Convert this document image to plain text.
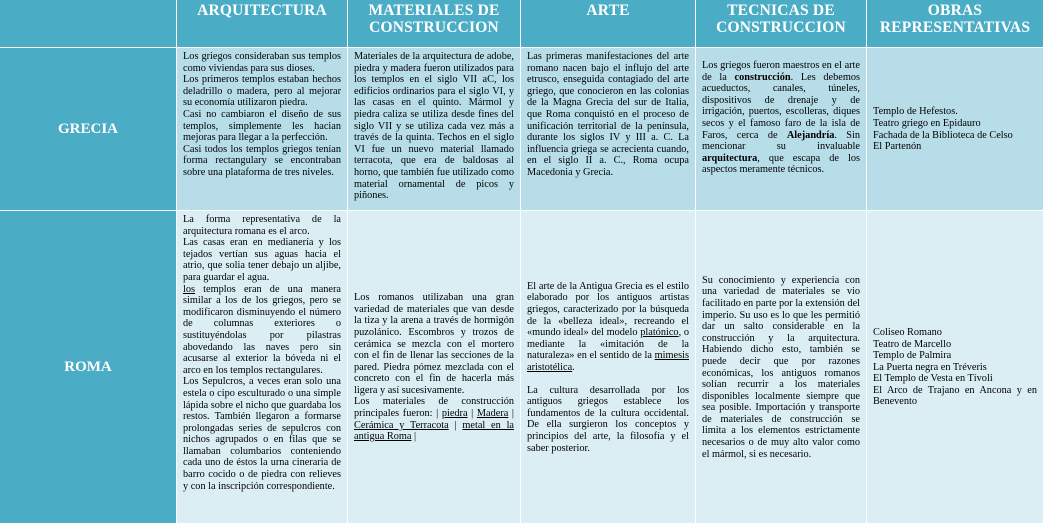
ARQUITECTURA	MATERIALES DE
CONSTRUCCION
ARTE	TECNICAS DE
CONSTRUCCION
OBRAS
REPRESENTATIVAS
GRECIA

Los griegos consideraban sus templos como viviendas para sus dioses.

Los primeros templos estaban hechos deladrillo o madera, pero al mejorar su economía utilizaron piedra.

Casi no cambiaron el diseño de sus templos, simplemente les hacian mejoras para llegar a la perfección.

Casi todos los templos griegos tenían forma rectangulary se encontraban sobre una plataforma de tres niveles.

Materiales de la arquitectura de adobe, piedra y madera fueron utilizados para los templos en el siglo VII aC, los edificios ordinarios para el siglo VI, y las casas en el quinto. Mármol y piedra caliza se utiliza desde fines del siglo VII y se utiliza cada vez más a través de la quinta. Techos en el siglo VI fue un nuevo material llamado terracota, que era de baldosas al horno, que también fue utilizado como material ornamental de picos y piñones.

Las primeras manifestaciones del arte romano nacen bajo el influjo del arte etrusco, enseguida contagiado del arte griego, que conocieron en las colonias de la Magna Grecia del sur de Italia, que Roma conquistó en el proceso de unificación territorial de la península, durante los siglos IV y III a. C. La influencia griega se acrecienta cuando, en el siglo II a. C., Roma ocupa Macedonia y Grecia.

Los griegos fueron maestros en el arte de la construcción. Les debemos acueductos, canales, túneles, dispositivos de drenaje y de irrigación, puertos, escolleras, diques secos y el famoso faro de la isla de Faros, cerca de Alejandría. Sin mencionar su invaluable arquitectura, que escapa de los aspectos meramente técnicos.

Templo de Hefestos.

Teatro griego en Epidauro

Fachada de la Biblioteca de Celso

El Partenón

ROMA

La forma representativa de la arquitectura romana es el arco.

Las casas eran en medianería y los tejados vertían sus aguas hacia el atrio, que solia tener debajo un aljibe, para guardar el agua.

los templos eran de una manera similar a los de los griegos, pero se modificaron disminuyendo el número de columnas exteriores o sustituyéndolas por pilastras abovedando las naves pero sin acusarse al exterior la bóveda ni el arco en los templos rectangulares.

Los Sepulcros, a veces eran solo una estela o cipo esculturado o una simple lápida sobre el nicho que guardaba los restos. También llegaron a formarse prolongadas series de sepulcros con nichos agrupados o en filas que se llamaban columbarios conteniendo cada uno de éstos la urna cineraria de barro cocido o de piedra con relieves y con la inscripción correspondiente.

Los romanos utilizaban una gran variedad de materiales que van desde la tiza y la arena a través de hormigón puzolánico. Escombros y trozos de cerámica se mezcla con el mortero con el fin de llenar las secciones de la pared. Piedra pómez mezclada con el concreto con el fin de hacerla más ligera y así sucesivamente.

Los materiales de construcción principales fueron: | piedra | Madera | Cerámica y Terracota | metal en la antigua Roma |

El arte de la Antigua Grecia es el estilo elaborado por los antiguos artistas griegos, caracterizado por la búsqueda de la «belleza ideal», recreando el «mundo ideal» del modelo platónico, o mediante la «imitación de la naturaleza» en el sentido de la mimesis aristotélica.

La cultura desarrollada por los antiguos griegos establece los fundamentos de la cultura occidental. De ella surgieron los conceptos y principios del arte, la filosofía y el saber posterior.

Su conocimiento y experiencia con una variedad de materiales se vio facilitado en parte por la extensión del imperio. Su uso es lo que les permitió dar un salto considerable en la construcción y la arquitectura. Habiendo dicho esto, también se puede decir que por razones económicas, los antiguos romanos solían recurrir a los materiales disponibles localmente siempre que sea posible. Importación y transporte de materiales de construcción se limita a los elementos estrictamente necesarios o de muy alto valor como el mármol, si es necesario.

Coliseo Romano

Teatro de Marcello

Templo de Palmira

La Puerta negra en Tréveris

El Templo de Vesta en Tívoli

El Arco de Trajano en Ancona y en Benevento
